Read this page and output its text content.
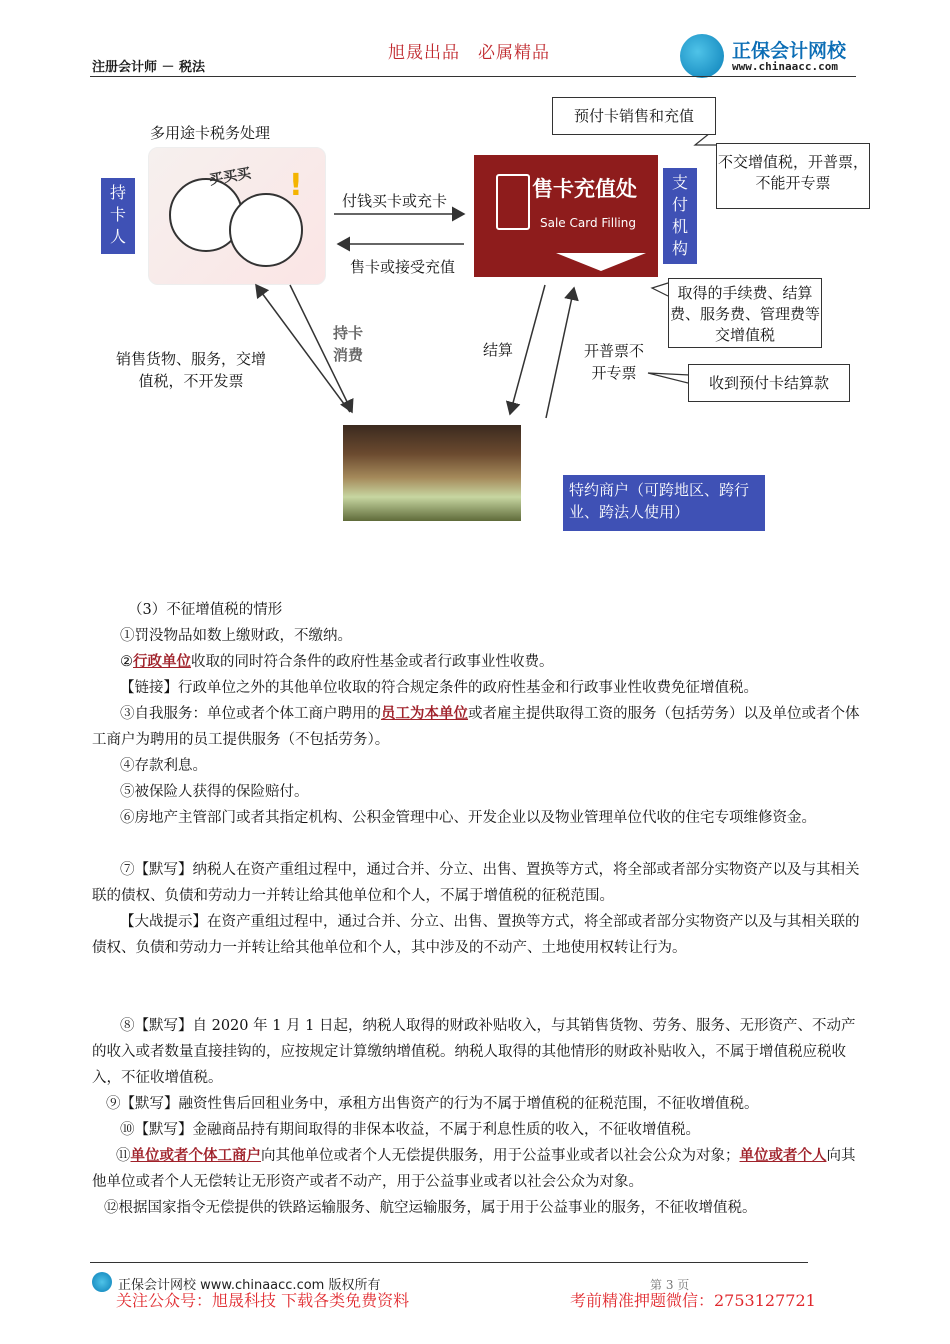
旭晟出品　必属精品
注册会计师 － 税法
正保会计网校
www.chinaacc.com
多用途卡税务处理
持卡人
买买买 !	付钱买卡或充卡
售卡或接受充值
售卡充值处
Sale Card Filling
支付机构
预付卡销售和充值
不交增值税，开普票，不能开专票
取得的手续费、结算费、服务费、管理费等交增值税
收到预付卡结算款
持卡消费
销售货物、服务，交增值税，不开发票
结算	开普票不开专票
特约商户（可跨地区、跨行业、跨法人使用）
（3）不征增值税的情形
①罚没物品如数上缴财政，不缴纳。
②行政单位收取的同时符合条件的政府性基金或者行政事业性收费。
【链接】行政单位之外的其他单位收取的符合规定条件的政府性基金和行政事业性收费免征增值税。
③自我服务：单位或者个体工商户聘用的员工为本单位或者雇主提供取得工资的服务（包括劳务）以及单位或者个体工商户为聘用的员工提供服务（不包括劳务）。
④存款利息。
⑤被保险人获得的保险赔付。
⑥房地产主管部门或者其指定机构、公积金管理中心、开发企业以及物业管理单位代收的住宅专项维修资金。
⑦【默写】纳税人在资产重组过程中，通过合并、分立、出售、置换等方式，将全部或者部分实物资产以及与其相关联的债权、负债和劳动力一并转让给其他单位和个人，不属于增值税的征税范围。
【大战提示】在资产重组过程中，通过合并、分立、出售、置换等方式，将全部或者部分实物资产以及与其相关联的债权、负债和劳动力一并转让给其他单位和个人，其中涉及的不动产、土地使用权转让行为。
⑧【默写】自 2020 年 1 月 1 日起，纳税人取得的财政补贴收入，与其销售货物、劳务、服务、无形资产、不动产的收入或者数量直接挂钩的，应按规定计算缴纳增值税。纳税人取得的其他情形的财政补贴收入，不属于增值税应税收入，不征收增值税。
⑨【默写】融资性售后回租业务中，承租方出售资产的行为不属于增值税的征税范围，不征收增值税。
⑩【默写】金融商品持有期间取得的非保本收益，不属于利息性质的收入，不征收增值税。
⑪单位或者个体工商户向其他单位或者个人无偿提供服务，用于公益事业或者以社会公众为对象；单位或者个人向其他单位或者个人无偿转让无形资产或者不动产，用于公益事业或者以社会公众为对象。
⑫根据国家指令无偿提供的铁路运输服务、航空运输服务，属于用于公益事业的服务，不征收增值税。
正保会计网校 www.chinaacc.com 版权所有	第 3 页
关注公众号：旭晟科技 下载各类免费资料	考前精准押题微信：2753127721
